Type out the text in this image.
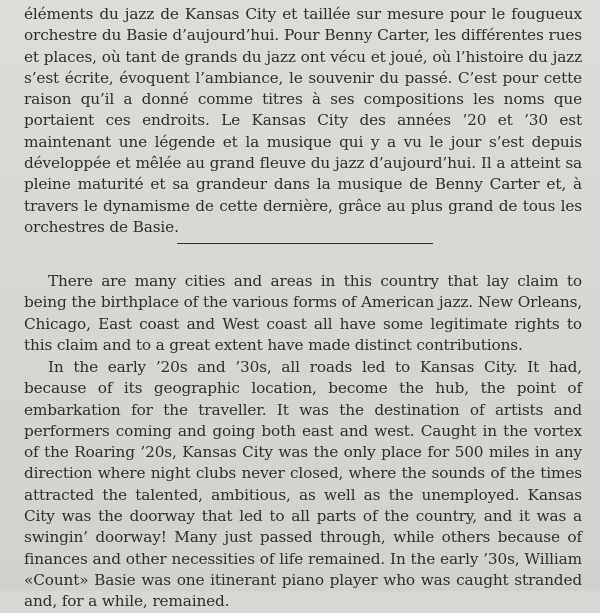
éléments du jazz de Kansas City et taillée sur mesure pour le fougueux orchestre du Basie d’aujourd’hui. Pour Benny Carter, les différentes rues et places, où tant de grands du jazz ont vécu et joué, où l’histoire du jazz s’est écrite, évoquent l’ambiance, le souvenir du passé. C’est pour cette raison qu’il a donné comme titres à ses compositions les noms que portaient ces endroits. Le Kansas City des années ’20 et ’30 est maintenant une légende et la musique qui y a vu le jour s’est depuis développée et mêlée au grand fleuve du jazz d’aujourd’hui. Il a atteint sa pleine maturité et sa grandeur dans la musique de Benny Carter et, à travers le dynamisme de cette dernière, grâce au plus grand de tous les orchestres de Basie.

There are many cities and areas in this country that lay claim to being the birthplace of the various forms of American jazz. New Orleans, Chicago, East coast and West coast all have some legitimate rights to this claim and to a great extent have made distinct contributions.

In the early ’20s and ’30s, all roads led to Kansas City. It had, because of its geographic location, become the hub, the point of embarkation for the traveller. It was the destination of artists and performers coming and going both east and west. Caught in the vortex of the Roaring ’20s, Kansas City was the only place for 500 miles in any direction where night clubs never closed, where the sounds of the times attracted the talented, ambitious, as well as the unemployed. Kansas City was the doorway that led to all parts of the country, and it was a swingin’ doorway! Many just passed through, while others because of finances and other necessities of life remained. In the early ’30s, William «Count» Basie was one itinerant piano player who was caught stranded and, for a while, remained.
